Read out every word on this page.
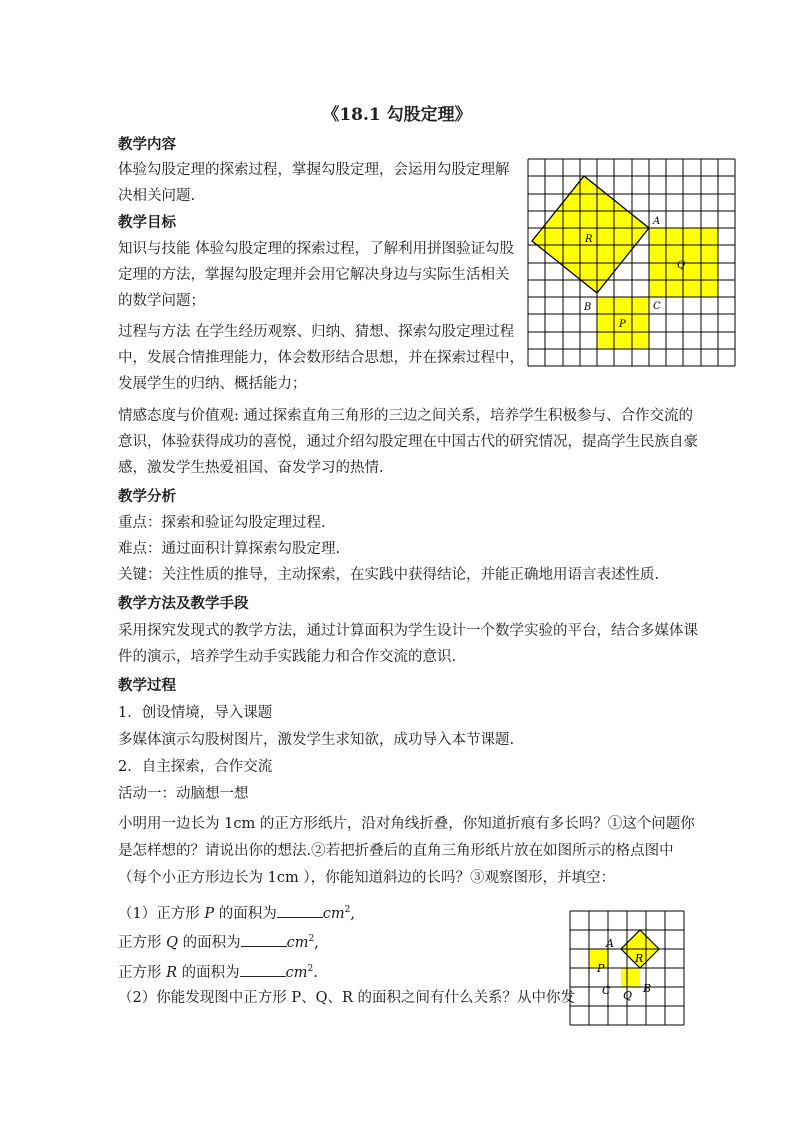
《18.1 勾股定理》
教学内容
体验勾股定理的探索过程，掌握勾股定理，会运用勾股定理解
决相关问题.
教学目标
知识与技能 体验勾股定理的探索过程，了解利用拼图验证勾股
定理的方法，掌握勾股定理并会用它解决身边与实际生活相关
的数学问题；
过程与方法 在学生经历观察、归纳、猜想、探索勾股定理过程
中，发展合情推理能力，体会数形结合思想，并在探索过程中，
发展学生的归纳、概括能力；
情感态度与价值观: 通过探索直角三角形的三边之间关系，培养学生积极参与、合作交流的
意识，体验获得成功的喜悦，通过介绍勾股定理在中国古代的研究情况，提高学生民族自豪
感，激发学生热爱祖国、奋发学习的热情.
教学分析
重点：探索和验证勾股定理过程.
难点：通过面积计算探索勾股定理.
关键：关注性质的推导，主动探索，在实践中获得结论，并能正确地用语言表述性质.
教学方法及教学手段
采用探究发现式的教学方法，通过计算面积为学生设计一个数学实验的平台，结合多媒体课
件的演示，培养学生动手实践能力和合作交流的意识.
教学过程
1．创设情境，导入课题
多媒体演示勾股树图片，激发学生求知欲，成功导入本节课题.
2．自主探索，合作交流
活动一：动脑想一想
小明用一边长为 1cm 的正方形纸片，沿对角线折叠，你知道折痕有多长吗？①这个问题你
是怎样想的？请说出你的想法.②若把折叠后的直角三角形纸片放在如图所示的格点图中
（每个小正方形边长为 1cm ），你能知道斜边的长吗？③观察图形，并填空：
（1）正方形 P 的面积为	$cm^2$,
正方形 Q 的面积为	$cm^2$,
正方形 R 的面积为	$cm^2$.
（2）你能发现图中正方形 P、Q、R 的面积之间有什么关系？从中你发
R
A
Q
B	C
P
A
R
P
C Q
B
